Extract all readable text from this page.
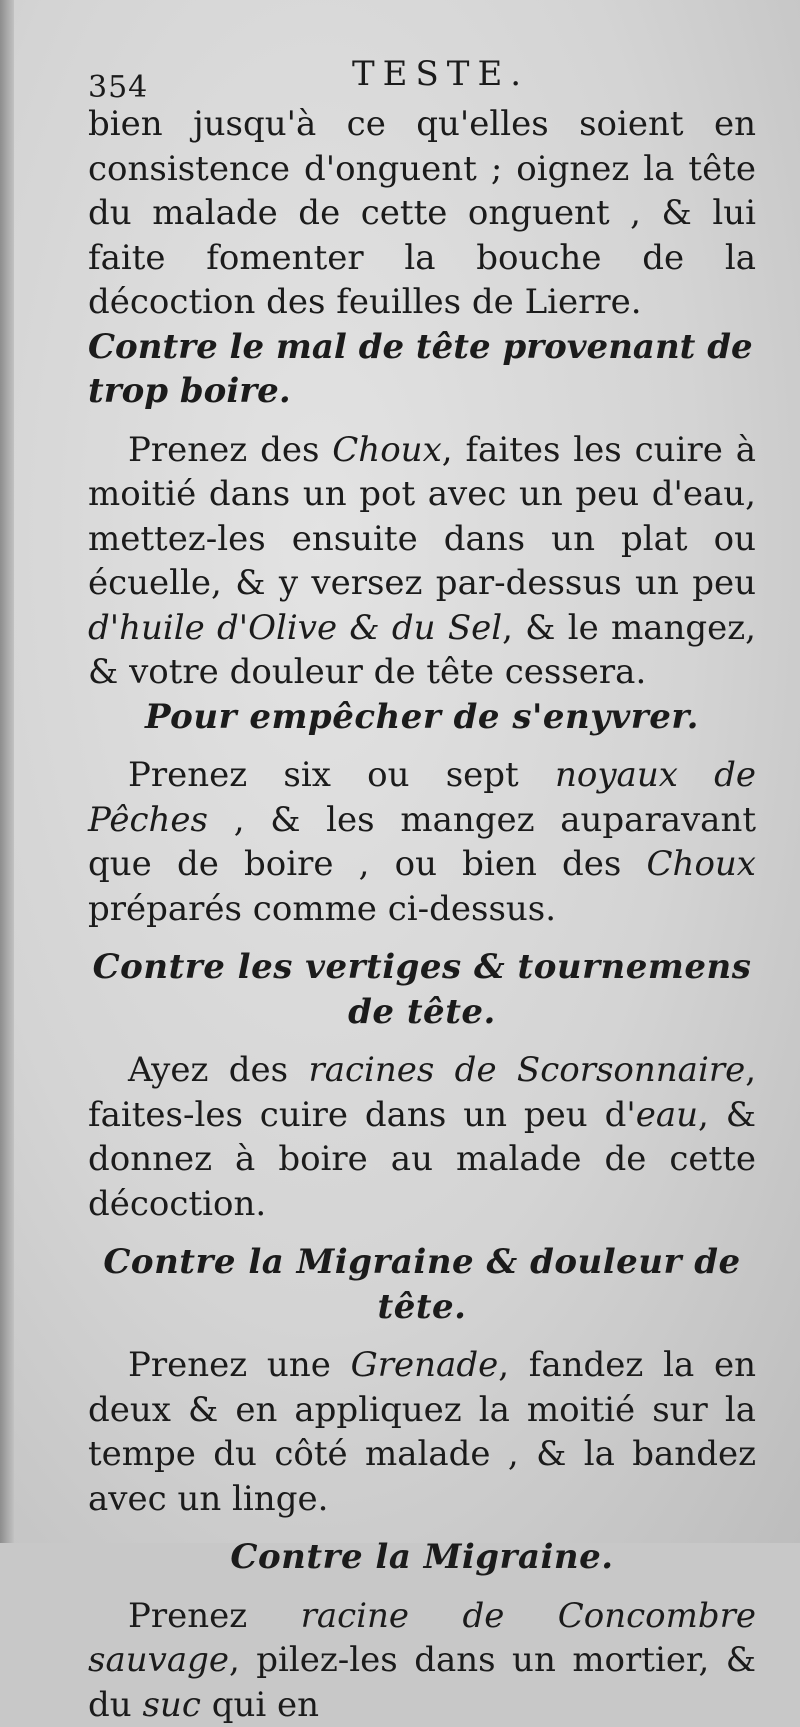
354	TESTE.

bien jusqu'à ce qu'elles soient en consistence d'onguent ; oignez la tête du malade de cette onguent , & lui faite fomenter la bouche de la décoction des feuilles de Lierre.

Contre le mal de tête provenant de trop boire.

Prenez des Choux, faites les cuire à moitié dans un pot avec un peu d'eau, mettez-les ensuite dans un plat ou écuelle, & y versez par-dessus un peu d'huile d'Olive & du Sel, & le mangez, & votre douleur de tête cessera.

Pour empêcher de s'enyvrer.

Prenez six ou sept noyaux de Pêches , & les mangez auparavant que de boire , ou bien des Choux préparés comme ci-dessus.

Contre les vertiges & tournemens de tête.

Ayez des racines de Scorsonnaire, faites-les cuire dans un peu d'eau, & donnez à boire au malade de cette décoction.

Contre la Migraine & douleur de tête.

Prenez une Grenade, fandez la en deux & en appliquez la moitié sur la tempe du côté malade , & la bandez avec un linge.

Contre la Migraine.

Prenez racine de Concombre sauvage, pilez-les dans un mortier, & du suc qui en
